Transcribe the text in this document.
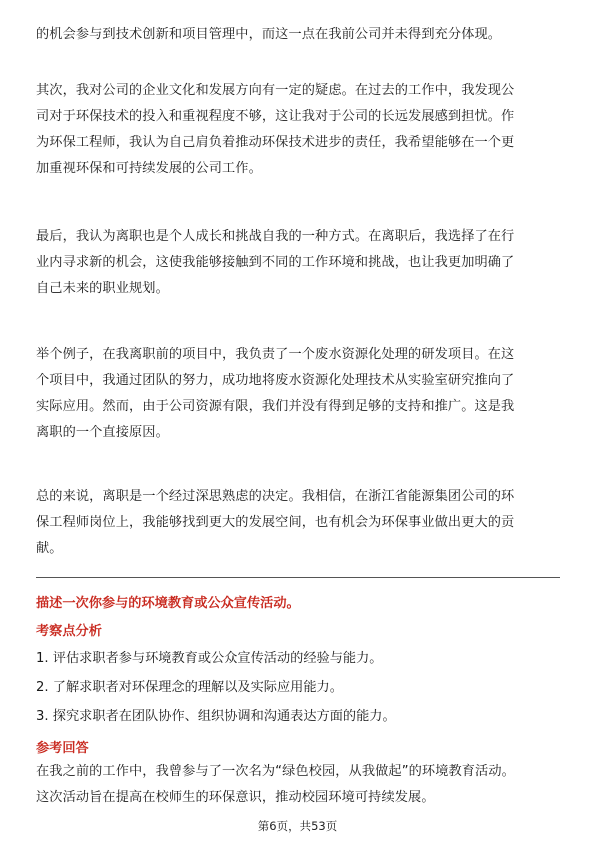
的机会参与到技术创新和项目管理中，而这一点在我前公司并未得到充分体现。
其次，我对公司的企业文化和发展方向有一定的疑虑。在过去的工作中，我发现公
司对于环保技术的投入和重视程度不够，这让我对于公司的长远发展感到担忧。作
为环保工程师，我认为自己肩负着推动环保技术进步的责任，我希望能够在一个更
加重视环保和可持续发展的公司工作。
最后，我认为离职也是个人成长和挑战自我的一种方式。在离职后，我选择了在行
业内寻求新的机会，这使我能够接触到不同的工作环境和挑战，也让我更加明确了
自己未来的职业规划。
举个例子，在我离职前的项目中，我负责了一个废水资源化处理的研发项目。在这
个项目中，我通过团队的努力，成功地将废水资源化处理技术从实验室研究推向了
实际应用。然而，由于公司资源有限，我们并没有得到足够的支持和推广。这是我
离职的一个直接原因。
总的来说，离职是一个经过深思熟虑的决定。我相信，在浙江省能源集团公司的环
保工程师岗位上，我能够找到更大的发展空间，也有机会为环保事业做出更大的贡
献。
描述一次你参与的环境教育或公众宣传活动。
考察点分析
1. 评估求职者参与环境教育或公众宣传活动的经验与能力。
2. 了解求职者对环保理念的理解以及实际应用能力。
3. 探究求职者在团队协作、组织协调和沟通表达方面的能力。
参考回答
在我之前的工作中，我曾参与了一次名为“绿色校园，从我做起”的环境教育活动。
这次活动旨在提高在校师生的环保意识，推动校园环境可持续发展。
第6页，共53页
